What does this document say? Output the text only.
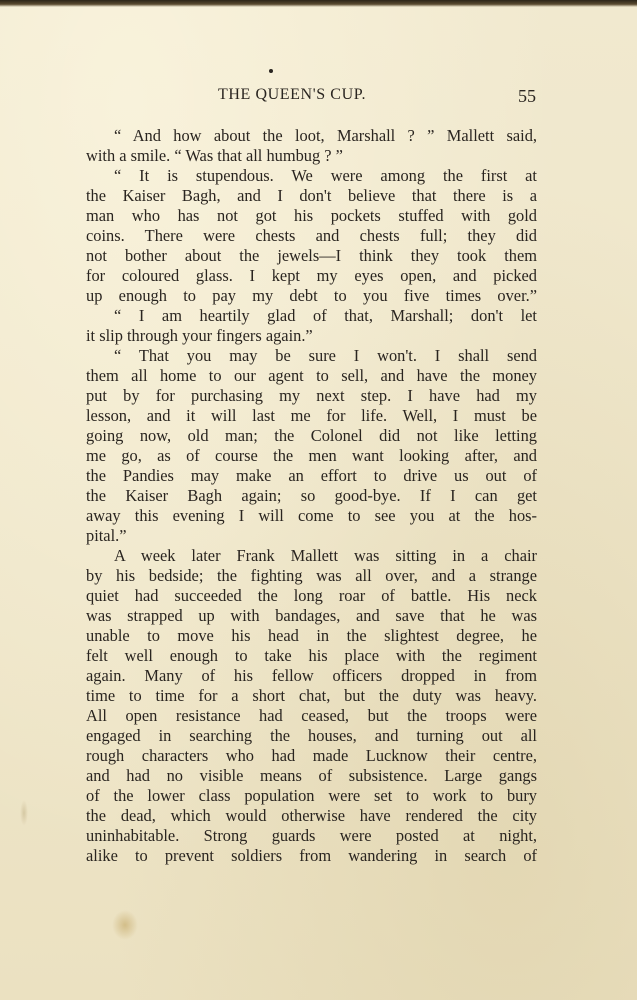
THE QUEEN'S CUP.	55
“ And how about the loot, Marshall ? ” Mallett said,
with a smile. “ Was that all humbug ? ”
“ It is stupendous. We were among the first at
the Kaiser Bagh, and I don't believe that there is a
man who has not got his pockets stuffed with gold
coins. There were chests and chests full; they did
not bother about the jewels—I think they took them
for coloured glass. I kept my eyes open, and picked
up enough to pay my debt to you five times over.”
“ I am heartily glad of that, Marshall; don't let
it slip through your fingers again.”
“ That you may be sure I won't. I shall send
them all home to our agent to sell, and have the money
put by for purchasing my next step. I have had my
lesson, and it will last me for life. Well, I must be
going now, old man; the Colonel did not like letting
me go, as of course the men want looking after, and
the Pandies may make an effort to drive us out of
the Kaiser Bagh again; so good-bye. If I can get
away this evening I will come to see you at the hos-
pital.”
A week later Frank Mallett was sitting in a chair
by his bedside; the fighting was all over, and a strange
quiet had succeeded the long roar of battle. His neck
was strapped up with bandages, and save that he was
unable to move his head in the slightest degree, he
felt well enough to take his place with the regiment
again. Many of his fellow officers dropped in from
time to time for a short chat, but the duty was heavy.
All open resistance had ceased, but the troops were
engaged in searching the houses, and turning out all
rough characters who had made Lucknow their centre,
and had no visible means of subsistence. Large gangs
of the lower class population were set to work to bury
the dead, which would otherwise have rendered the city
uninhabitable. Strong guards were posted at night,
alike to prevent soldiers from wandering in search of
